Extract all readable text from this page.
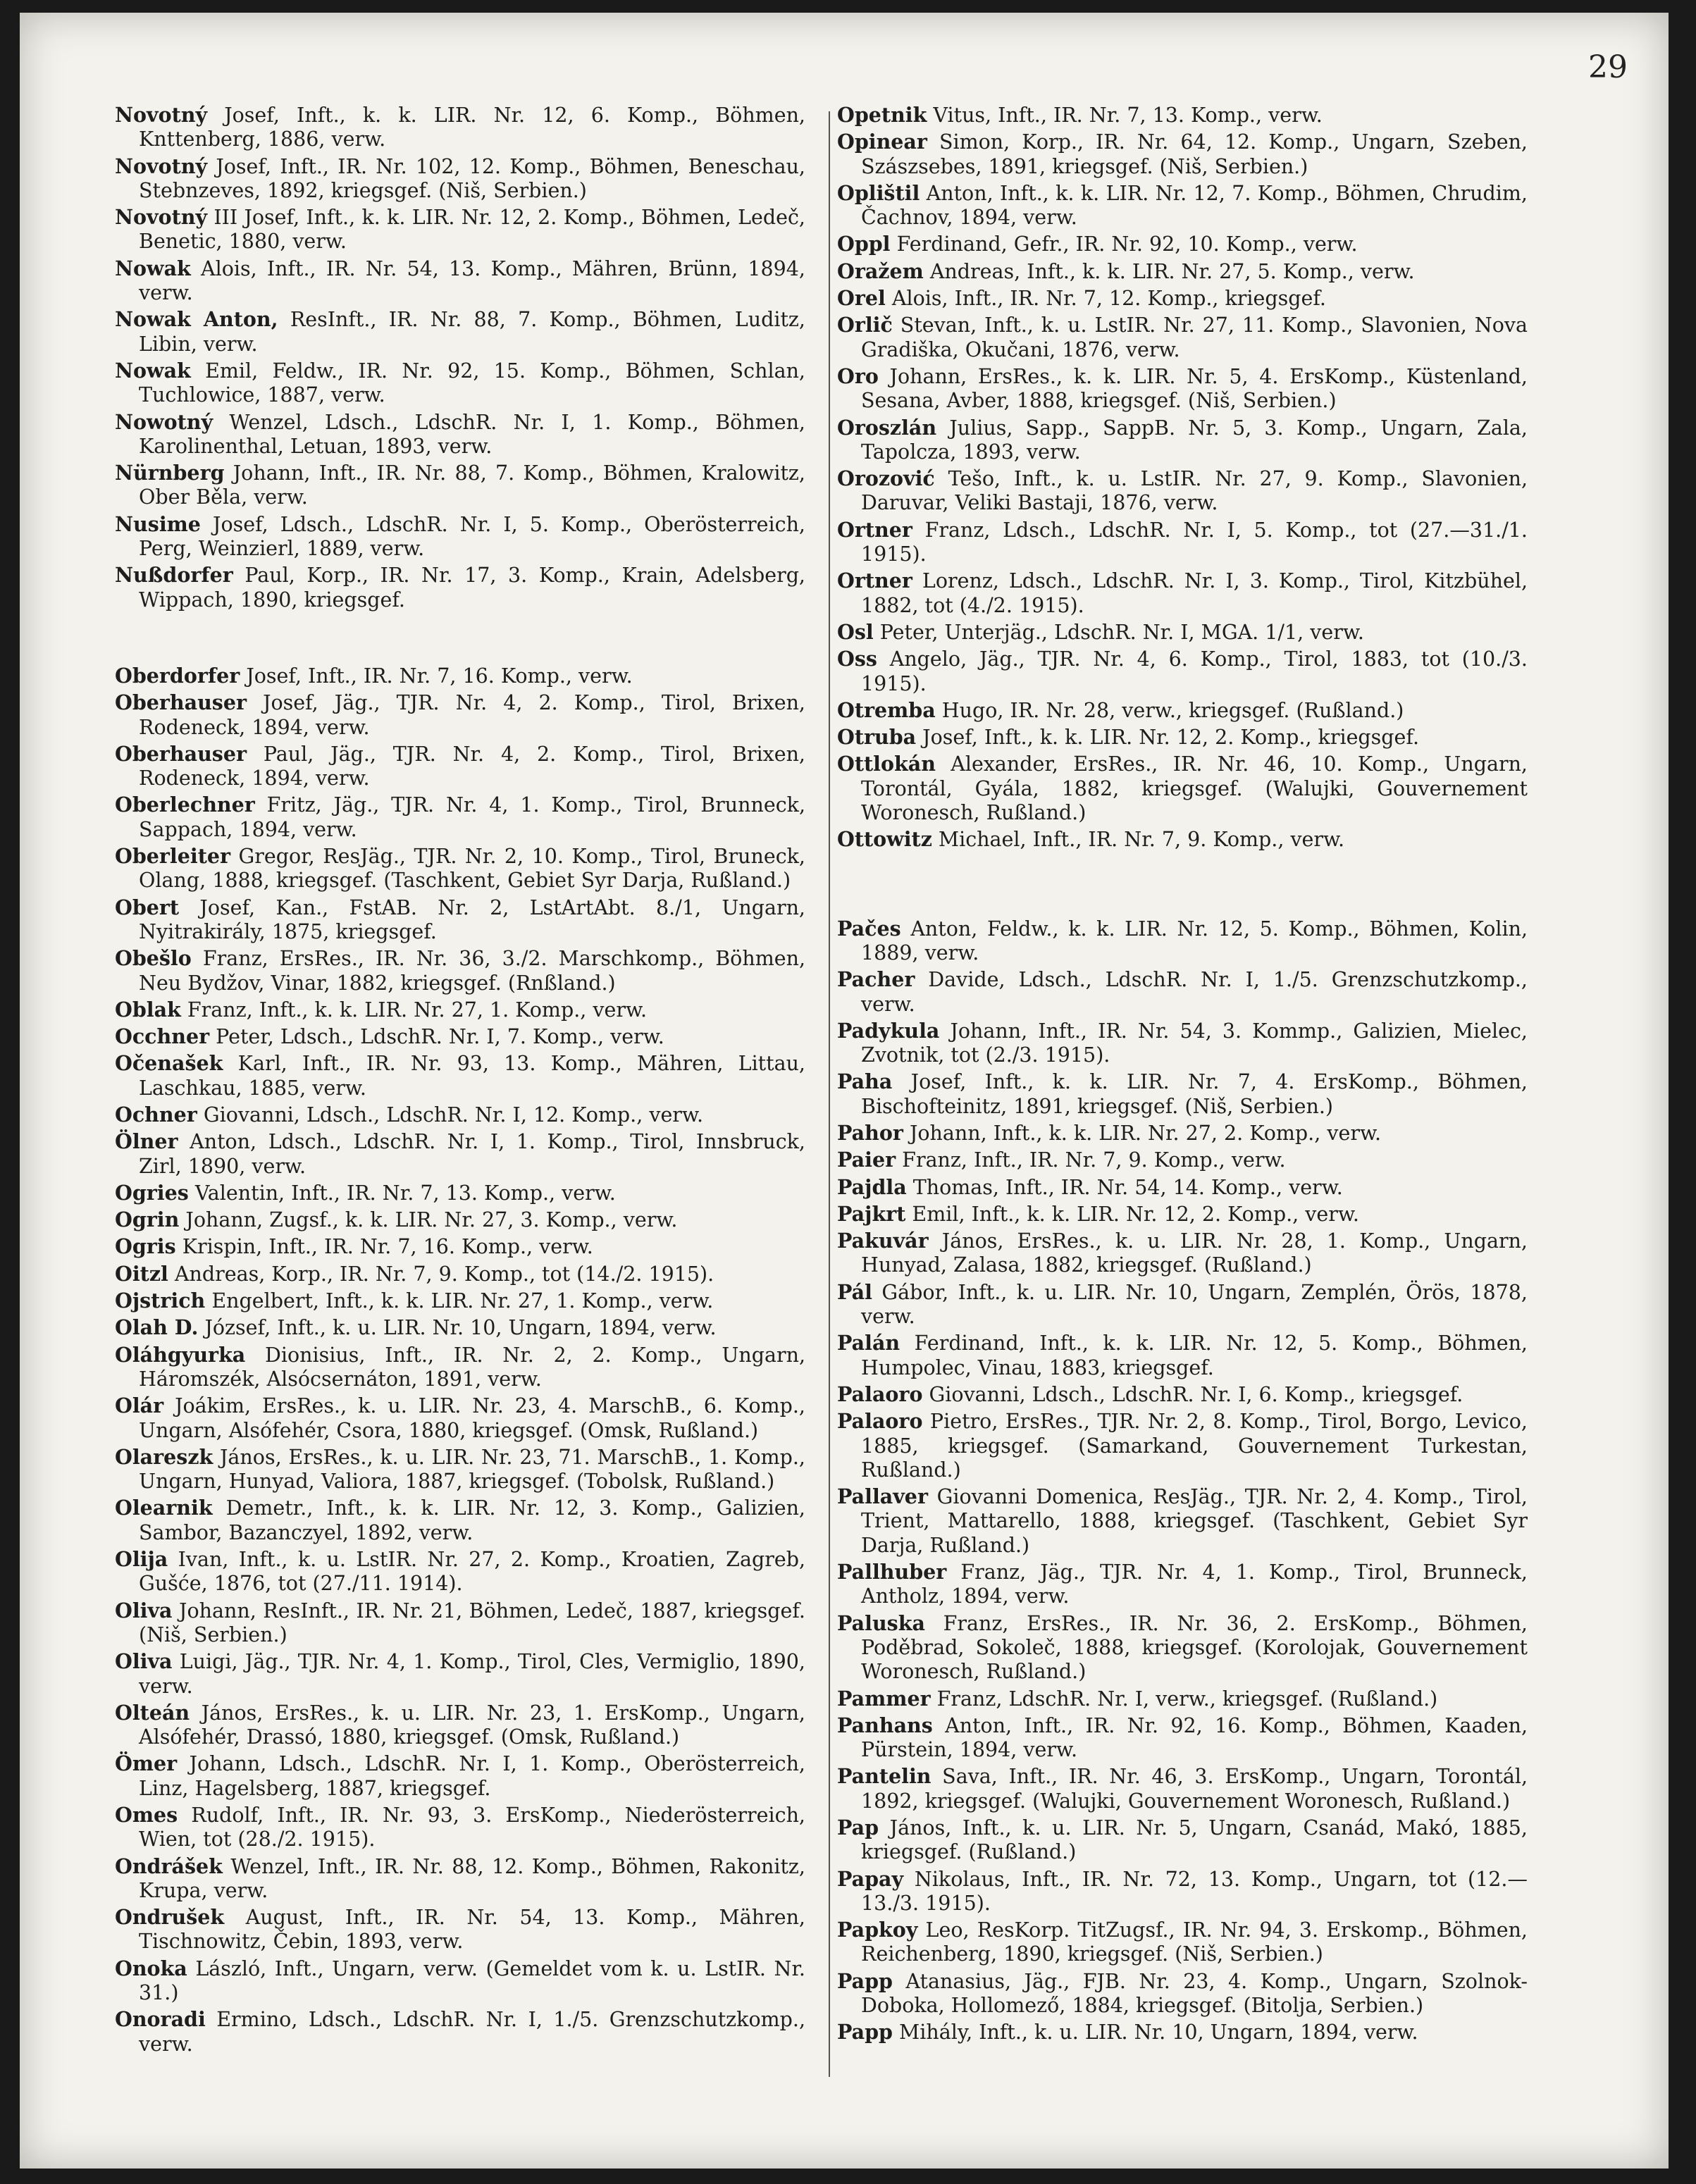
29

Novotný Josef, Inft., k. k. LIR. Nr. 12, 6. Komp., Böhmen, Knttenberg, 1886, verw.

Novotný Josef, Inft., IR. Nr. 102, 12. Komp., Böhmen, Beneschau, Stebnzeves, 1892, kriegsgef. (Niš, Serbien.)

Novotný III Josef, Inft., k. k. LIR. Nr. 12, 2. Komp., Böhmen, Ledeč, Benetic, 1880, verw.

Nowak Alois, Inft., IR. Nr. 54, 13. Komp., Mähren, Brünn, 1894, verw.

Nowak Anton, ResInft., IR. Nr. 88, 7. Komp., Böhmen, Luditz, Libin, verw.

Nowak Emil, Feldw., IR. Nr. 92, 15. Komp., Böhmen, Schlan, Tuchlowice, 1887, verw.

Nowotný Wenzel, Ldsch., LdschR. Nr. I, 1. Komp., Böhmen, Karolinenthal, Letuan, 1893, verw.

Nürnberg Johann, Inft., IR. Nr. 88, 7. Komp., Böhmen, Kralowitz, Ober Běla, verw.

Nusime Josef, Ldsch., LdschR. Nr. I, 5. Komp., Oberösterreich, Perg, Weinzierl, 1889, verw.

Nußdorfer Paul, Korp., IR. Nr. 17, 3. Komp., Krain, Adelsberg, Wippach, 1890, kriegsgef.

Oberdorfer Josef, Inft., IR. Nr. 7, 16. Komp., verw.

Oberhauser Josef, Jäg., TJR. Nr. 4, 2. Komp., Tirol, Brixen, Rodeneck, 1894, verw.

Oberhauser Paul, Jäg., TJR. Nr. 4, 2. Komp., Tirol, Brixen, Rodeneck, 1894, verw.

Oberlechner Fritz, Jäg., TJR. Nr. 4, 1. Komp., Tirol, Brunneck, Sappach, 1894, verw.

Oberleiter Gregor, ResJäg., TJR. Nr. 2, 10. Komp., Tirol, Bruneck, Olang, 1888, kriegsgef. (Taschkent, Gebiet Syr Darja, Rußland.)

Obert Josef, Kan., FstAB. Nr. 2, LstArtAbt. 8./1, Ungarn, Nyitrakirály, 1875, kriegsgef.

Obešlo Franz, ErsRes., IR. Nr. 36, 3./2. Marschkomp., Böhmen, Neu Bydžov, Vinar, 1882, kriegsgef. (Rnßland.)

Oblak Franz, Inft., k. k. LIR. Nr. 27, 1. Komp., verw.

Occhner Peter, Ldsch., LdschR. Nr. I, 7. Komp., verw.

Očenašek Karl, Inft., IR. Nr. 93, 13. Komp., Mähren, Littau, Laschkau, 1885, verw.

Ochner Giovanni, Ldsch., LdschR. Nr. I, 12. Komp., verw.

Ölner Anton, Ldsch., LdschR. Nr. I, 1. Komp., Tirol, Innsbruck, Zirl, 1890, verw.

Ogries Valentin, Inft., IR. Nr. 7, 13. Komp., verw.

Ogrin Johann, Zugsf., k. k. LIR. Nr. 27, 3. Komp., verw.

Ogris Krispin, Inft., IR. Nr. 7, 16. Komp., verw.

Oitzl Andreas, Korp., IR. Nr. 7, 9. Komp., tot (14./2. 1915).

Ojstrich Engelbert, Inft., k. k. LIR. Nr. 27, 1. Komp., verw.

Olah D. József, Inft., k. u. LIR. Nr. 10, Ungarn, 1894, verw.

Oláhgyurka Dionisius, Inft., IR. Nr. 2, 2. Komp., Ungarn, Háromszék, Alsócsernáton, 1891, verw.

Olár Joákim, ErsRes., k. u. LIR. Nr. 23, 4. MarschB., 6. Komp., Ungarn, Alsófehér, Csora, 1880, kriegsgef. (Omsk, Rußland.)

Olareszk János, ErsRes., k. u. LIR. Nr. 23, 71. MarschB., 1. Komp., Ungarn, Hunyad, Valiora, 1887, kriegsgef. (Tobolsk, Rußland.)

Olearnik Demetr., Inft., k. k. LIR. Nr. 12, 3. Komp., Galizien, Sambor, Bazanczyel, 1892, verw.

Olija Ivan, Inft., k. u. LstIR. Nr. 27, 2. Komp., Kroatien, Zagreb, Gušće, 1876, tot (27./11. 1914).

Oliva Johann, ResInft., IR. Nr. 21, Böhmen, Ledeč, 1887, kriegsgef. (Niš, Serbien.)

Oliva Luigi, Jäg., TJR. Nr. 4, 1. Komp., Tirol, Cles, Vermiglio, 1890, verw.

Olteán János, ErsRes., k. u. LIR. Nr. 23, 1. ErsKomp., Ungarn, Alsófehér, Drassó, 1880, kriegsgef. (Omsk, Rußland.)

Ömer Johann, Ldsch., LdschR. Nr. I, 1. Komp., Oberösterreich, Linz, Hagelsberg, 1887, kriegsgef.

Omes Rudolf, Inft., IR. Nr. 93, 3. ErsKomp., Niederösterreich, Wien, tot (28./2. 1915).

Ondrášek Wenzel, Inft., IR. Nr. 88, 12. Komp., Böhmen, Rakonitz, Krupa, verw.

Ondrušek August, Inft., IR. Nr. 54, 13. Komp., Mähren, Tischnowitz, Čebin, 1893, verw.

Onoka László, Inft., Ungarn, verw. (Gemeldet vom k. u. LstIR. Nr. 31.)

Onoradi Ermino, Ldsch., LdschR. Nr. I, 1./5. Grenzschutzkomp., verw.

Opetnik Vitus, Inft., IR. Nr. 7, 13. Komp., verw.

Opinear Simon, Korp., IR. Nr. 64, 12. Komp., Ungarn, Szeben, Szászsebes, 1891, kriegsgef. (Niš, Serbien.)

Oplištil Anton, Inft., k. k. LIR. Nr. 12, 7. Komp., Böhmen, Chrudim, Čachnov, 1894, verw.

Oppl Ferdinand, Gefr., IR. Nr. 92, 10. Komp., verw.

Oražem Andreas, Inft., k. k. LIR. Nr. 27, 5. Komp., verw.

Orel Alois, Inft., IR. Nr. 7, 12. Komp., kriegsgef.

Orlič Stevan, Inft., k. u. LstIR. Nr. 27, 11. Komp., Slavonien, Nova Gradiška, Okučani, 1876, verw.

Oro Johann, ErsRes., k. k. LIR. Nr. 5, 4. ErsKomp., Küstenland, Sesana, Avber, 1888, kriegsgef. (Niš, Serbien.)

Oroszlán Julius, Sapp., SappB. Nr. 5, 3. Komp., Ungarn, Zala, Tapolcza, 1893, verw.

Orozović Tešo, Inft., k. u. LstIR. Nr. 27, 9. Komp., Slavonien, Daruvar, Veliki Bastaji, 1876, verw.

Ortner Franz, Ldsch., LdschR. Nr. I, 5. Komp., tot (27.—31./1. 1915).

Ortner Lorenz, Ldsch., LdschR. Nr. I, 3. Komp., Tirol, Kitzbühel, 1882, tot (4./2. 1915).

Osl Peter, Unterjäg., LdschR. Nr. I, MGA. 1/1, verw.

Oss Angelo, Jäg., TJR. Nr. 4, 6. Komp., Tirol, 1883, tot (10./3. 1915).

Otremba Hugo, IR. Nr. 28, verw., kriegsgef. (Rußland.)

Otruba Josef, Inft., k. k. LIR. Nr. 12, 2. Komp., kriegsgef.

Ottlokán Alexander, ErsRes., IR. Nr. 46, 10. Komp., Ungarn, Torontál, Gyála, 1882, kriegsgef. (Walujki, Gouvernement Woronesch, Rußland.)

Ottowitz Michael, Inft., IR. Nr. 7, 9. Komp., verw.

Pačes Anton, Feldw., k. k. LIR. Nr. 12, 5. Komp., Böhmen, Kolin, 1889, verw.

Pacher Davide, Ldsch., LdschR. Nr. I, 1./5. Grenzschutzkomp., verw.

Padykula Johann, Inft., IR. Nr. 54, 3. Kommp., Galizien, Mielec, Zvotnik, tot (2./3. 1915).

Paha Josef, Inft., k. k. LIR. Nr. 7, 4. ErsKomp., Böhmen, Bischofteinitz, 1891, kriegsgef. (Niš, Serbien.)

Pahor Johann, Inft., k. k. LIR. Nr. 27, 2. Komp., verw.

Paier Franz, Inft., IR. Nr. 7, 9. Komp., verw.

Pajdla Thomas, Inft., IR. Nr. 54, 14. Komp., verw.

Pajkrt Emil, Inft., k. k. LIR. Nr. 12, 2. Komp., verw.

Pakuvár János, ErsRes., k. u. LIR. Nr. 28, 1. Komp., Ungarn, Hunyad, Zalasa, 1882, kriegsgef. (Rußland.)

Pál Gábor, Inft., k. u. LIR. Nr. 10, Ungarn, Zemplén, Örös, 1878, verw.

Palán Ferdinand, Inft., k. k. LIR. Nr. 12, 5. Komp., Böhmen, Humpolec, Vinau, 1883, kriegsgef.

Palaoro Giovanni, Ldsch., LdschR. Nr. I, 6. Komp., kriegsgef.

Palaoro Pietro, ErsRes., TJR. Nr. 2, 8. Komp., Tirol, Borgo, Levico, 1885, kriegsgef. (Samarkand, Gouvernement Turkestan, Rußland.)

Pallaver Giovanni Domenica, ResJäg., TJR. Nr. 2, 4. Komp., Tirol, Trient, Mattarello, 1888, kriegsgef. (Taschkent, Gebiet Syr Darja, Rußland.)

Pallhuber Franz, Jäg., TJR. Nr. 4, 1. Komp., Tirol, Brunneck, Antholz, 1894, verw.

Paluska Franz, ErsRes., IR. Nr. 36, 2. ErsKomp., Böhmen, Poděbrad, Sokoleč, 1888, kriegsgef. (Korolojak, Gouvernement Woronesch, Rußland.)

Pammer Franz, LdschR. Nr. I, verw., kriegsgef. (Rußland.)

Panhans Anton, Inft., IR. Nr. 92, 16. Komp., Böhmen, Kaaden, Pürstein, 1894, verw.

Pantelin Sava, Inft., IR. Nr. 46, 3. ErsKomp., Ungarn, Torontál, 1892, kriegsgef. (Walujki, Gouvernement Woronesch, Rußland.)

Pap János, Inft., k. u. LIR. Nr. 5, Ungarn, Csanád, Makó, 1885, kriegsgef. (Rußland.)

Papay Nikolaus, Inft., IR. Nr. 72, 13. Komp., Ungarn, tot (12.—13./3. 1915).

Papkoy Leo, ResKorp. TitZugsf., IR. Nr. 94, 3. Erskomp., Böhmen, Reichenberg, 1890, kriegsgef. (Niš, Serbien.)

Papp Atanasius, Jäg., FJB. Nr. 23, 4. Komp., Ungarn, Szolnok-Doboka, Hollomező, 1884, kriegsgef. (Bitolja, Serbien.)

Papp Mihály, Inft., k. u. LIR. Nr. 10, Ungarn, 1894, verw.
